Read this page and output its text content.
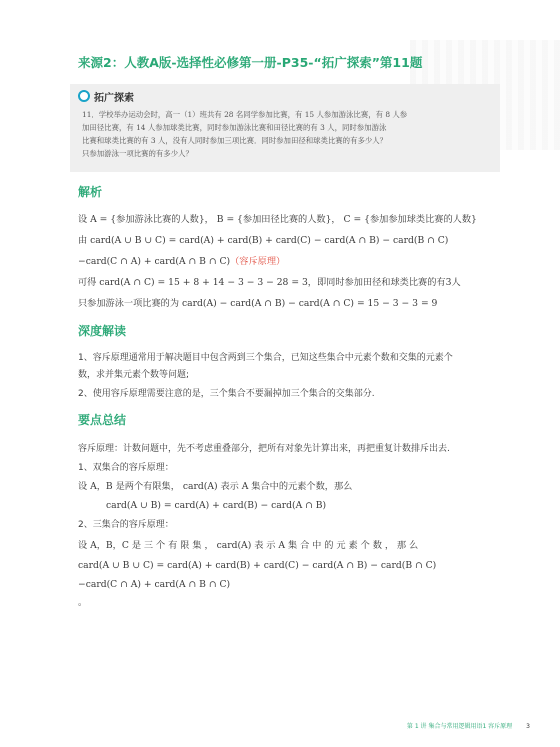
来源2：人教A版-选择性必修第一册-P35-“拓广探索”第11题
拓广探索
11．学校举办运动会时，高一（1）班共有 28 名同学参加比赛，有 15 人参加游泳比赛，有 8 人参
加田径比赛，有 14 人参加球类比赛，同时参加游泳比赛和田径比赛的有 3 人，同时参加游泳
比赛和球类比赛的有 3 人，没有人同时参加三项比赛．同时参加田径和球类比赛的有多少人？
只参加游泳一项比赛的有多少人？
解析
设 A = {参加游泳比赛的人数}， B = {参加田径比赛的人数}， C = {参加参加球类比赛的人数}
由 card(A ∪ B ∪ C) = card(A) + card(B) + card(C) − card(A ∩ B) − card(B ∩ C)
−card(C ∩ A) + card(A ∩ B ∩ C)（容斥原理）
可得 card(A ∩ C) = 15 + 8 + 14 − 3 − 3 − 28 = 3，即同时参加田径和球类比赛的有3人
只参加游泳一项比赛的为 card(A) − card(A ∩ B) − card(A ∩ C) = 15 − 3 − 3 = 9
深度解读
1、容斥原理通常用于解决题目中包含两到三个集合，已知这些集合中元素个数和交集的元素个
数，求并集元素个数等问题;
2、使用容斥原理需要注意的是，三个集合不要漏掉加三个集合的交集部分.
要点总结
容斥原理：计数问题中，先不考虑重叠部分，把所有对象先计算出来，再把重复计数排斥出去.
1、双集合的容斥原理：
设 A，B 是两个有限集， card(A) 表示 A 集合中的元素个数，那么
card(A ∪ B) = card(A) + card(B) − card(A ∩ B)
2、三集合的容斥原理：
设 A，B，C 是 三 个 有 限 集 ， card(A) 表 示 A 集 合 中 的 元 素 个 数 ， 那 么
card(A ∪ B ∪ C) = card(A) + card(B) + card(C) − card(A ∩ B) − card(B ∩ C)
−card(C ∩ A) + card(A ∩ B ∩ C)
。
第 1 讲 集合与常用逻辑用语1 容斥原理 3
